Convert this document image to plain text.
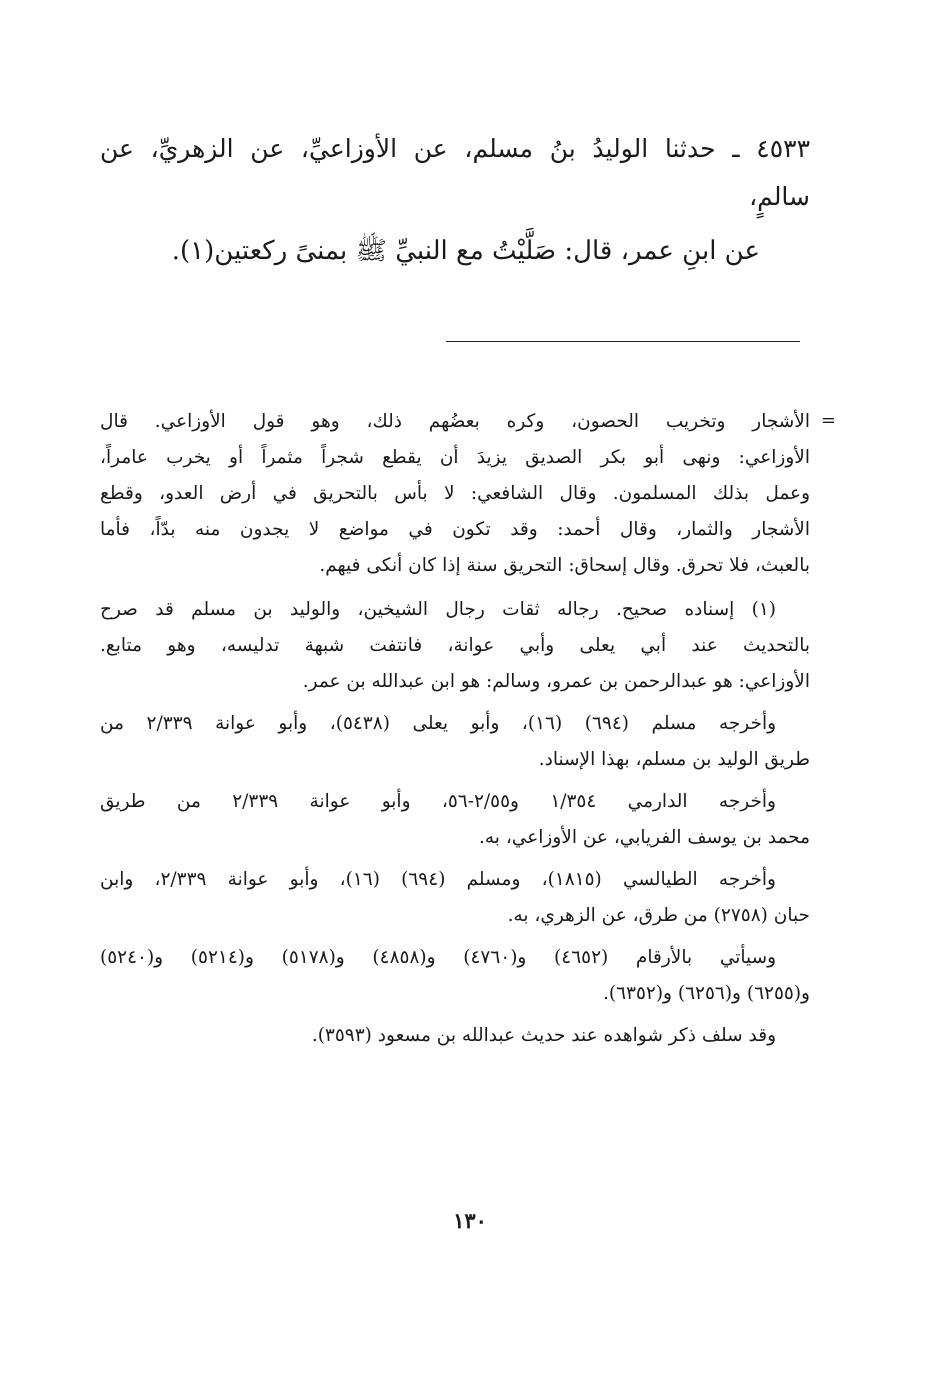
٤٥٣٣ ـ حدثنا الوليدُ بنُ مسلم، عن الأوزاعيِّ، عن الزهريِّ، عن
سالمٍ،
عن ابنِ عمر، قال: صَلَّيْتُ مع النبيِّ ﷺ بمنىً ركعتين(١).
=
الأشجار وتخريب الحصون، وكره بعضُهم ذلك، وهو قول الأوزاعي. قال
الأوزاعي: ونهى أبو بكر الصديق يزيدَ أن يقطع شجراً مثمراً أو يخرب عامراً،
وعمل بذلك المسلمون. وقال الشافعي: لا بأس بالتحريق في أرض العدو، وقطع
الأشجار والثمار، وقال أحمد: وقد تكون في مواضع لا يجدون منه بدّاً، فأما
بالعبث، فلا تحرق. وقال إسحاق: التحريق سنة إذا كان أنكى فيهم.
(١) إسناده صحيح. رجاله ثقات رجال الشيخين، والوليد بن مسلم قد صرح
بالتحديث عند أبي يعلى وأبي عوانة، فانتفت شبهة تدليسه، وهو متابع.
الأوزاعي: هو عبدالرحمن بن عمرو، وسالم: هو ابن عبدالله بن عمر.
وأخرجه مسلم (٦٩٤) (١٦)، وأبو يعلى (٥٤٣٨)، وأبو عوانة ٢/٣٣٩ من
طريق الوليد بن مسلم، بهذا الإسناد.
وأخرجه الدارمي ١/٣٥٤ و٢/٥٥-٥٦، وأبو عوانة ٢/٣٣٩ من طريق
محمد بن يوسف الفريابي، عن الأوزاعي، به.
وأخرجه الطيالسي (١٨١٥)، ومسلم (٦٩٤) (١٦)، وأبو عوانة ٢/٣٣٩، وابن
حبان (٢٧٥٨) من طرق، عن الزهري، به.
وسيأتي بالأرقام (٤٦٥٢) و(٤٧٦٠) و(٤٨٥٨) و(٥١٧٨) و(٥٢١٤) و(٥٢٤٠)
و(٦٢٥٥) و(٦٢٥٦) و(٦٣٥٢).
وقد سلف ذكر شواهده عند حديث عبدالله بن مسعود (٣٥٩٣).
١٣٠
